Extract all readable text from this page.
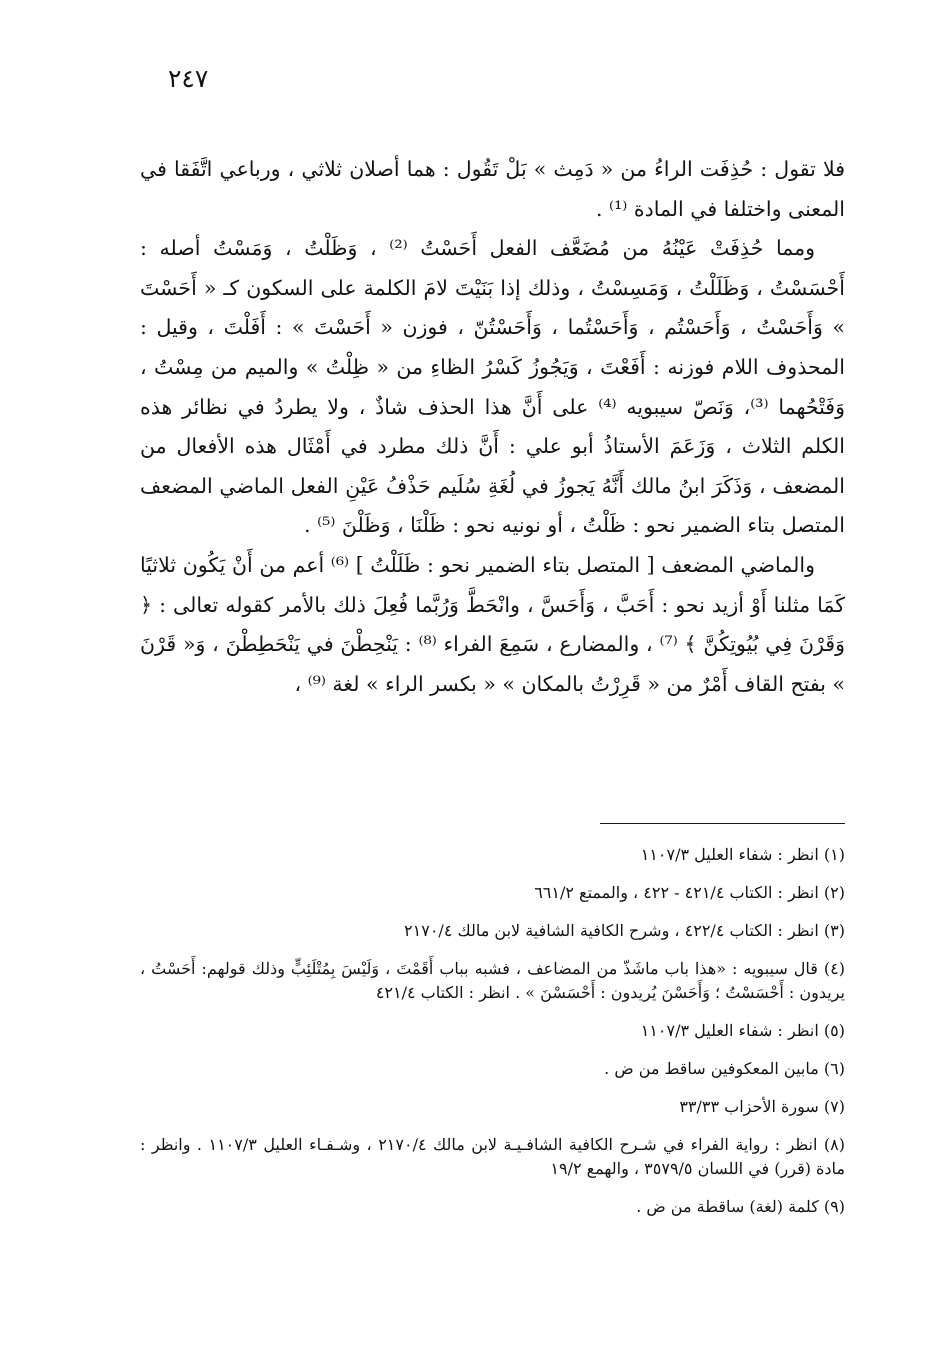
٢٤٧

فلا تقول : حُذِفَت الراءُ من « دَمِث » بَلْ تَقُول : هما أصلان ثلاثي ، ورباعي اتَّفَقا في المعنى واختلفا في المادة ⁽¹⁾ .

ومما حُذِفَتْ عَيْنُهُ من مُضَعَّف الفعل أَحَسْتُ ⁽²⁾ ، وَظَلْتُ ، وَمَسْتُ أصله : أَحْسَسْتُ ، وَظَلَلْتُ ، وَمَسِسْتُ ، وذلك إذا بَنَيْتَ لامَ الكلمة على السكون كـ « أَحَسْتَ » وَأَحَسْتُ ، وَأَحَسْتُم ، وَأَحَسْتُما ، وَأَحَسْتُنّ ، فوزن « أَحَسْتَ » : أَفَلْتَ ، وقيل : المحذوف اللام فوزنه : أَفَعْتَ ، وَيَجُوزُ كَسْرُ الظاءِ من « ظِلْتُ » والميم من مِسْتُ ، وَفَتْحُهما ⁽³⁾، وَنَصّ سيبويه ⁽⁴⁾ على أَنَّ هذا الحذف شاذٌ ، ولا يطردُ في نظائر هذه الكلم الثلاث ، وَزَعَمَ الأستاذُ أبو علي : أَنَّ ذلك مطرد في أَمْثَال هذه الأفعال من المضعف ، وَذَكَرَ ابنُ مالك أَنَّهُ يَجوزُ في لُغَةِ سُلَيم حَذْفُ عَيْنِ الفعل الماضي المضعف المتصل بتاء الضمير نحو : ظَلْتُ ، أو نونيه نحو : ظَلْنَا ، وَظَلْنَ ⁽⁵⁾ .

والماضي المضعف [ المتصل بتاء الضمير نحو : ظَلَلْتُ ] ⁽⁶⁾ أعم من أَنْ يَكُون ثلاثيًا كَمَا مثلنا أَوْ أزيد نحو : أَحَبَّ ، وَأَحَسَّ ، وانْحَطَّ وَرُبَّما فُعِلَ ذلك بالأمر كقوله تعالى : ﴿ وَقَرْنَ فِي بُيُوتِكُنَّ ﴾ ⁽⁷⁾ ، والمضارع ، سَمِعَ الفراء ⁽⁸⁾ : يَنْحِطْنَ في يَنْحَطِطْنَ ، وَ« قَرْنَ » بفتح القاف أَمْرٌ من « قَرِرْتُ بالمكان » « بكسر الراء » لغة ⁽⁹⁾ ،

(١) انظر : شفاء العليل ١١٠٧/٣

(٢) انظر : الكتاب ٤٢١/٤ - ٤٢٢ ، والممتع ٦٦١/٢

(٣) انظر : الكتاب ٤٢٢/٤ ، وشرح الكافية الشافية لابن مالك ٢١٧٠/٤

(٤) قال سيبويه : «هذا باب ماشَذّ من المضاعف ، فشبه بباب أَقَمْتَ ، وَلَيْسَ بِمُتْلَئِبٍّ وذلك قولهم: أَحَسْتُ ، يريدون : أَحْسَسْتُ ؛ وَأَحَسْنَ يُريدون : أَحْسَسْنَ » . انظر : الكتاب ٤٢١/٤

(٥) انظر : شفاء العليل ١١٠٧/٣

(٦) مابين المعكوفين ساقط من ض .

(٧) سورة الأحزاب ٣٣/٣٣

(٨) انظر : رواية الفراء في شـرح الكافية الشافـيـة لابن مالك ٢١٧٠/٤ ، وشـفـاء العليل ١١٠٧/٣ . وانظر : مادة (قرر) في اللسان ٣٥٧٩/٥ ، والهمع ١٩/٢

(٩) كلمة (لغة) ساقطة من ض .
